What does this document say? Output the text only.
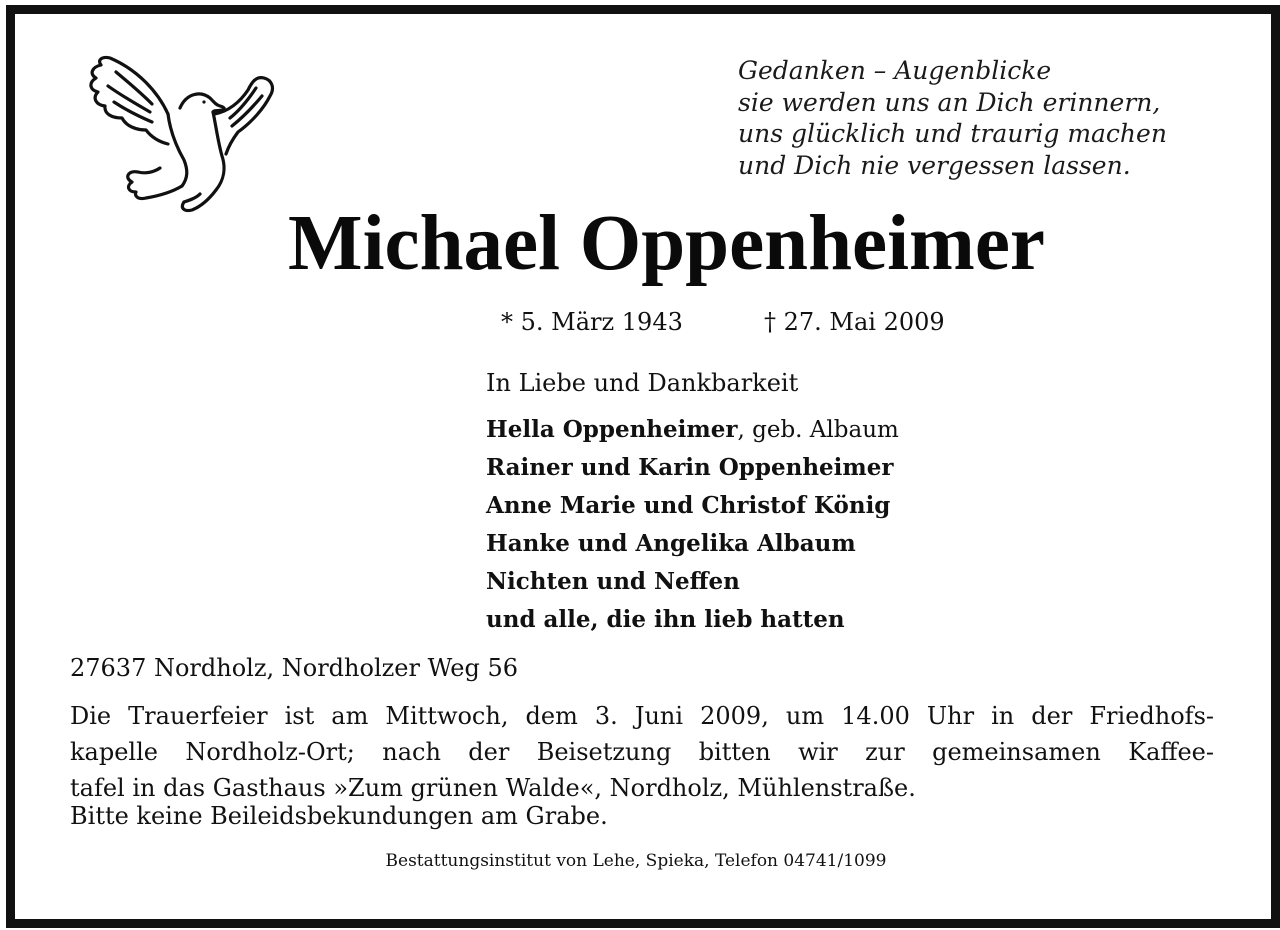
Gedanken – Augenblicke
sie werden uns an Dich erinnern,
uns glücklich und traurig machen
und Dich nie vergessen lassen.
Michael Oppenheimer
* 5. März 1943	† 27. Mai 2009
In Liebe und Dankbarkeit
Hella Oppenheimer, geb. Albaum
Rainer und Karin Oppenheimer
Anne Marie und Christof König
Hanke und Angelika Albaum
Nichten und Neffen
und alle, die ihn lieb hatten
27637 Nordholz, Nordholzer Weg 56
Die Trauerfeier ist am Mittwoch, dem 3. Juni 2009, um 14.00 Uhr in der Friedhofs-
kapelle Nordholz-Ort; nach der Beisetzung bitten wir zur gemeinsamen Kaffee-
tafel in das Gasthaus »Zum grünen Walde«, Nordholz, Mühlenstraße.
Bitte keine Beileidsbekundungen am Grabe.
Bestattungsinstitut von Lehe, Spieka, Telefon 04741/1099
